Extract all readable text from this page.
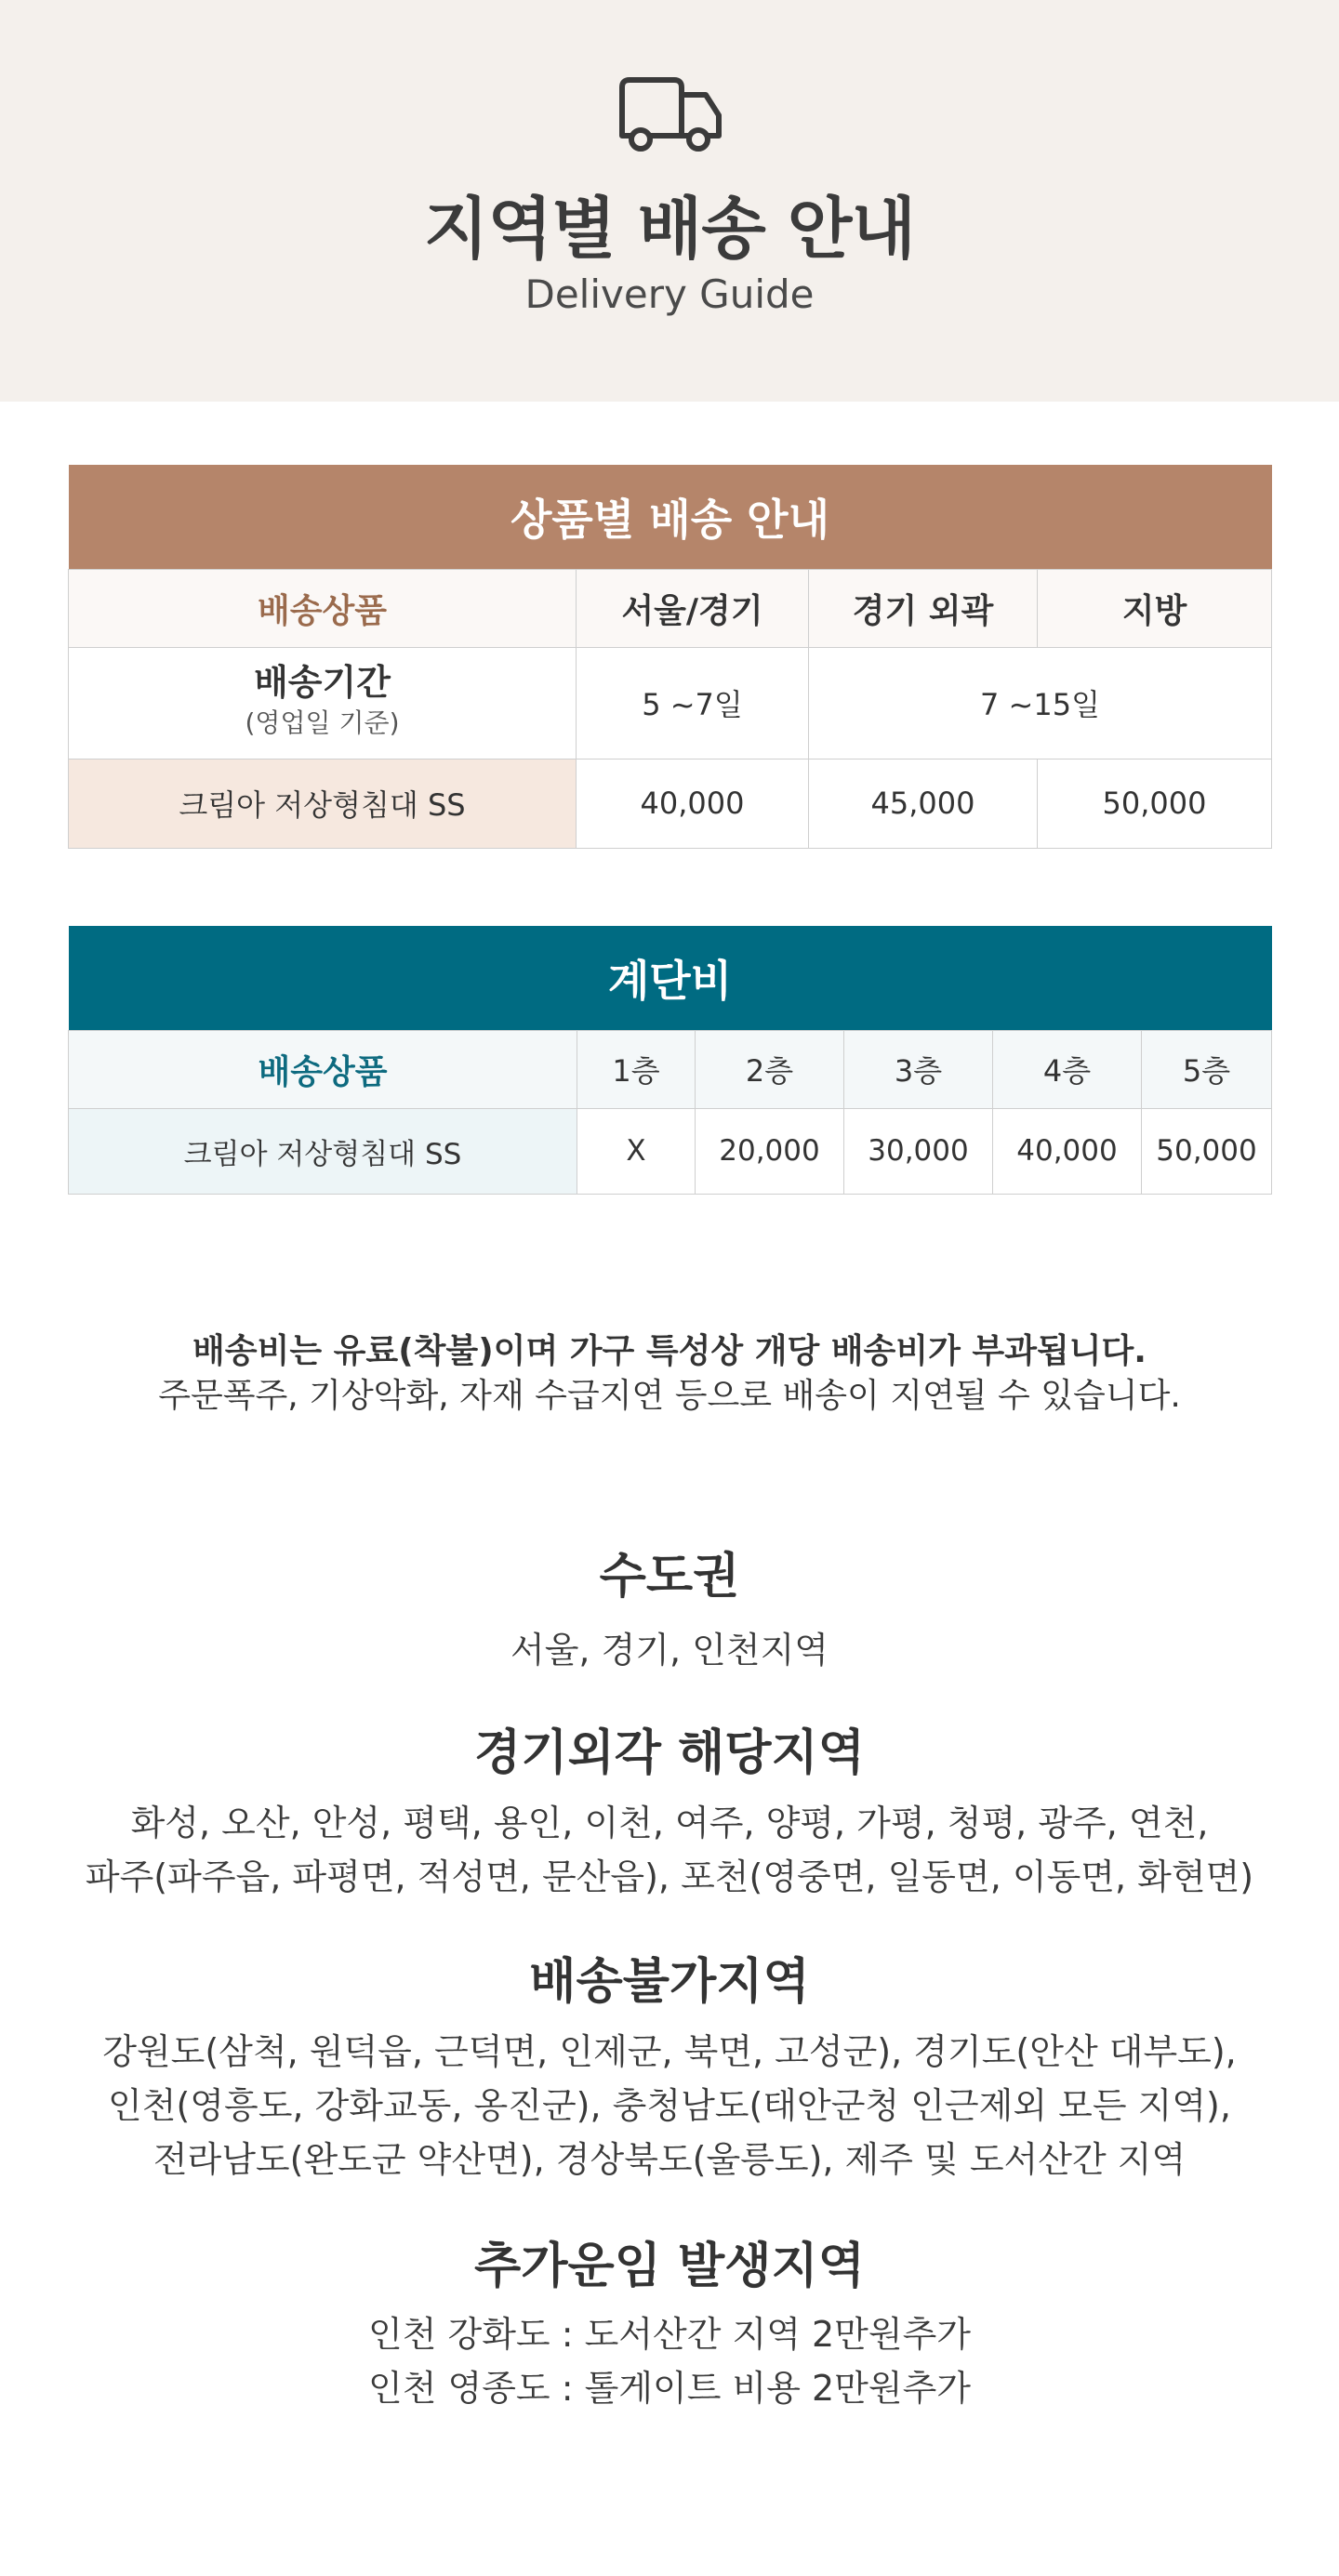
지역별 배송 안내
Delivery Guide
상품별 배송 안내			
배송상품	서울/경기	경기 외곽	지방
배송기간
(영업일 기준)	5 ~7일	7 ~15일	
크림아 저상형침대 SS	40,000	45,000	50,000
계단비					
배송상품	1층	2층	3층	4층	5층
크림아 저상형침대 SS	X	20,000	30,000	40,000	50,000
배송비는 유료(착불)이며 가구 특성상 개당 배송비가 부과됩니다.
주문폭주, 기상악화, 자재 수급지연 등으로 배송이 지연될 수 있습니다.
수도권

서울, 경기, 인천지역

경기외각 해당지역

화성, 오산, 안성, 평택, 용인, 이천, 여주, 양평, 가평, 청평, 광주, 연천,
파주(파주읍, 파평면, 적성면, 문산읍), 포천(영중면, 일동면, 이동면, 화현면)

배송불가지역

강원도(삼척, 원덕읍, 근덕면, 인제군, 북면, 고성군), 경기도(안산 대부도),
인천(영흥도, 강화교동, 옹진군), 충청남도(태안군청 인근제외 모든 지역),
전라남도(완도군 약산면), 경상북도(울릉도), 제주 및 도서산간 지역

추가운임 발생지역

인천 강화도 : 도서산간 지역 2만원추가
인천 영종도 : 톨게이트 비용 2만원추가
